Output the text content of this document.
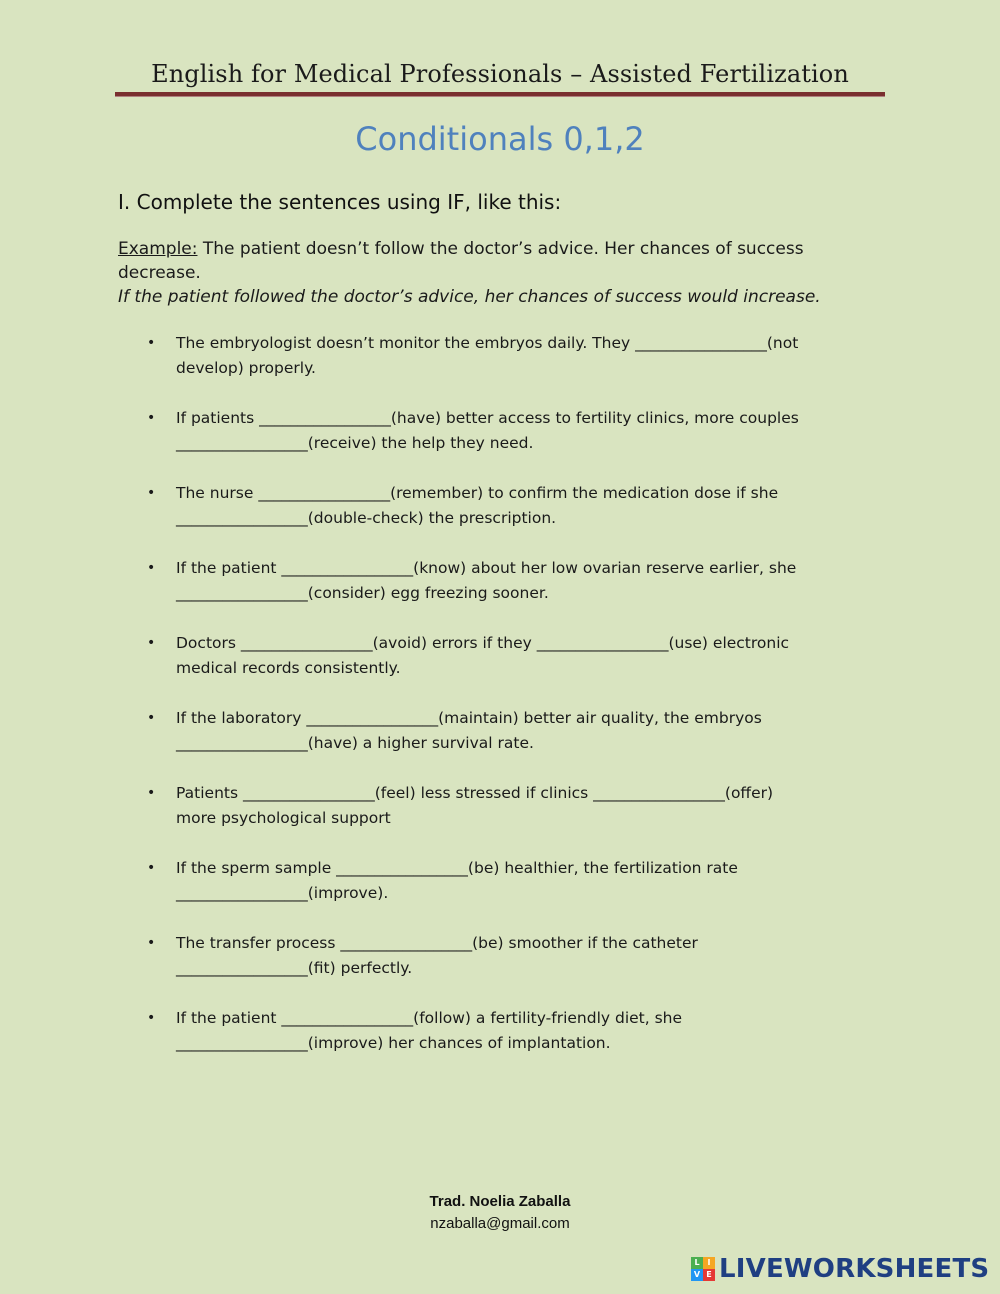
English for Medical Professionals – Assisted Fertilization
Conditionals 0,1,2
I. Complete the sentences using IF, like this:
Example: The patient doesn’t follow the doctor’s advice. Her chances of success decrease.
If the patient followed the doctor’s advice, her chances of success would increase.
• The embryologist doesn’t monitor the embryos daily. They _________________(not
develop) properly.
• If patients _________________(have) better access to fertility clinics, more couples
_________________(receive) the help they need.
• The nurse _________________(remember) to confirm the medication dose if she
_________________(double-check) the prescription.
• If the patient _________________(know) about her low ovarian reserve earlier, she
_________________(consider) egg freezing sooner.
• Doctors _________________(avoid) errors if they _________________(use) electronic
medical records consistently.
• If the laboratory _________________(maintain) better air quality, the embryos
_________________(have) a higher survival rate.
• Patients _________________(feel) less stressed if clinics _________________(offer)
more psychological support
• If the sperm sample _________________(be) healthier, the fertilization rate
_________________(improve).
• The transfer process _________________(be) smoother if the catheter
_________________(fit) perfectly.
• If the patient _________________(follow) a fertility-friendly diet, she
_________________(improve) her chances of implantation.
Trad. Noelia Zaballa
nzaballa@gmail.com
L I
V E LIVEWORKSHEETS
